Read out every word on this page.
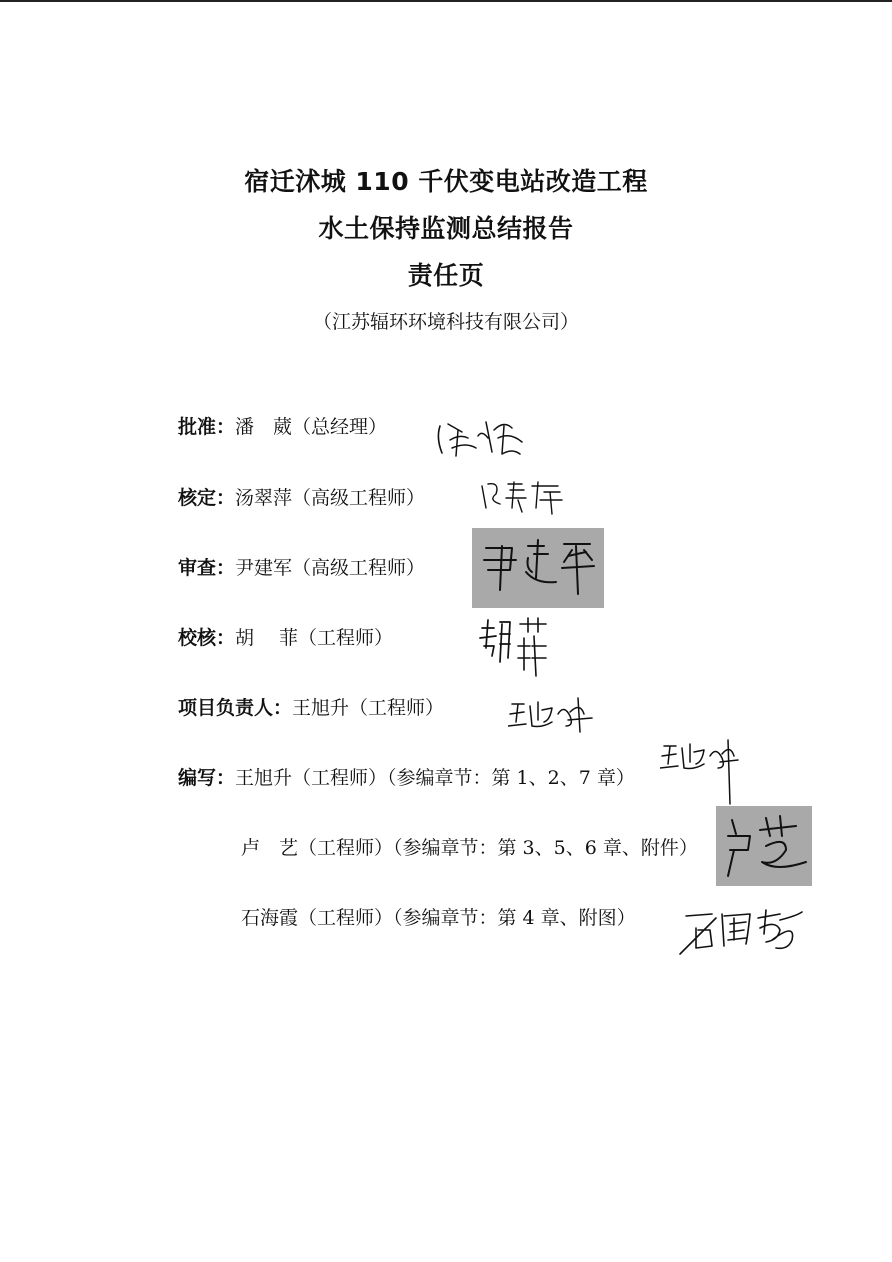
宿迁沭城 110 千伏变电站改造工程
水土保持监测总结报告
责任页
（江苏辐环环境科技有限公司）
批准：潘　葳（总经理）
核定：汤翠萍（高级工程师）
审查：尹建军（高级工程师）
校核：胡　 菲（工程师）
项目负责人：王旭升（工程师）
编写：王旭升（工程师）（参编章节：第 1、2、7 章）
卢　艺（工程师）（参编章节：第 3、5、6 章、附件）
石海霞（工程师）（参编章节：第 4 章、附图）
